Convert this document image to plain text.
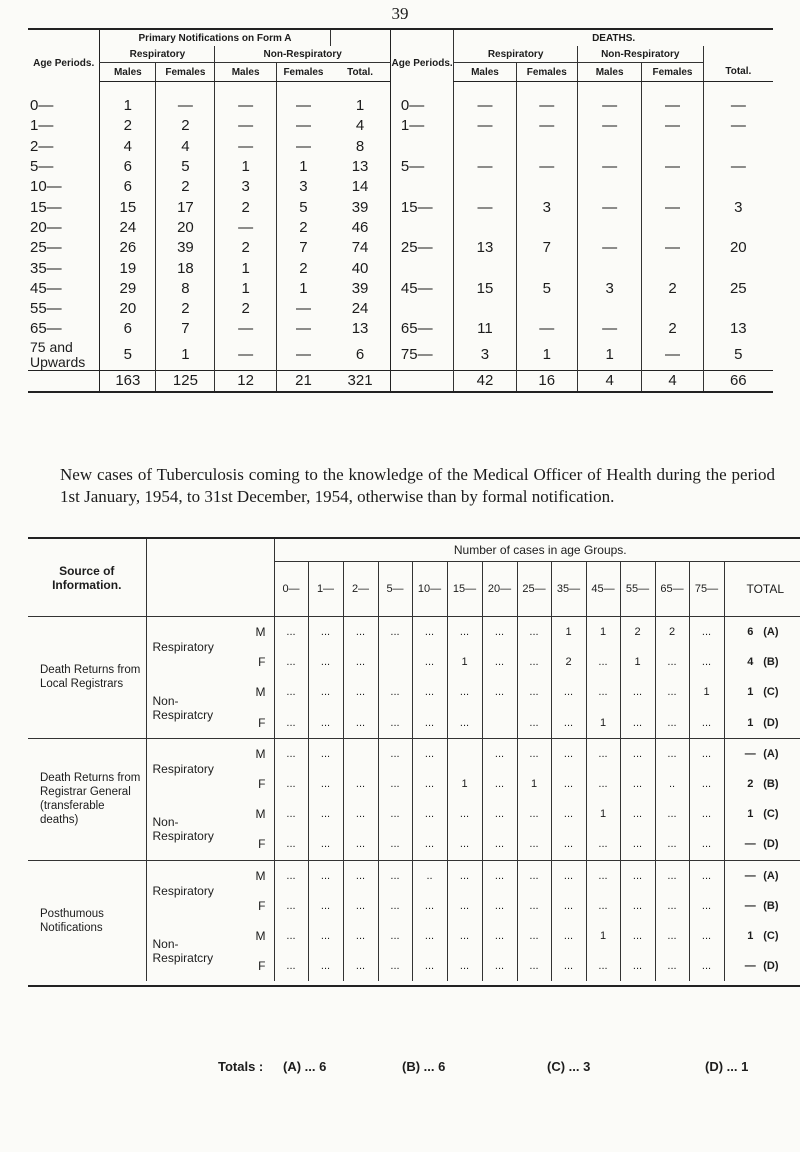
39
	Primary Notifications on Form A						DEATHS.				
Age Periods.	Respiratory		Non-Respiratory			Age Periods.	Respiratory		Non-Respiratory		
	Males	Females	Males	Females	Total.		Males	Females	Males	Females	Total.

0—	1	—	—	—	1	0—	—	—	—	—	—
1—	2	2	—	—	4	1—	—	—	—	—	—
2—	4	4	—	—	8						
5—	6	5	1	1	13	5—	—	—	—	—	—
10—	6	2	3	3	14						
15—	15	17	2	5	39	15—	—	3	—	—	3
20—	24	20	—	2	46						
25—	26	39	2	7	74	25—	13	7	—	—	20
35—	19	18	1	2	40						
45—	29	8	1	1	39	45—	15	5	3	2	25
55—	20	2	2	—	24						
65—	6	7	—	—	13	65—	11	—	—	2	13
75 and Upwards	5	1	—	—	6	75—	3	1	1	—	5
	163	125	12	21	321		42	16	4	4	66
New cases of Tuberculosis coming to the knowledge of the Medical Officer of Health during the period 1st January, 1954, to 31st December, 1954, otherwise than by formal notification.
Source of Information.			Number of cases in age Groups.													
			0—	1—	2—	5—	10—	15—	20—	25—	35—	45—	55—	65—	75—	TOTAL
Death Returns from Local Registrars	Respiratory	M	...	...	...	...	...	...	...	...	1	1	2	2	...	6 (A)
		F	...	...	...		...	1	...	...	2	...	1	...	...	4 (B)

	Non-
Respiratcry	M	...	...	...	...	...	...	...	...	...	...	...	...	1	1 (C)
		F	...	...	...	...	...	...		...	...	1	...	...	...	1 (D)
Death Returns from Registrar General (transferable deaths)	Respiratory	M	...	...		...	...		...	...	...	...	...	...	...	— (A)
		F	...	...	...	...	...	1	...	1	...	...	...	..	...	2 (B)

	Non-
Respiratory	M	...	...	...	...	...	...	...	...	...	1	...	...	...	1 (C)
		F	...	...	...	...	...	...	...	...	...	...	...	...	...	— (D)
Posthumous Notifications	Respiratory	M	...	...	...	...	..	...	...	...	...	...	...	...	...	— (A)
		F	...	...	...	...	...	...	...	...	...	...	...	...	...	— (B)

	Non-
Respiratcry	M	...	...	...	...	...	...	...	...	...	1	...	...	...	1 (C)
		F	...	...	...	...	...	...	...	...	...	...	...	...	...	— (D)

Totals : (A) ... 6	(B) ... 6	(C) ... 3	(D) ... 1
